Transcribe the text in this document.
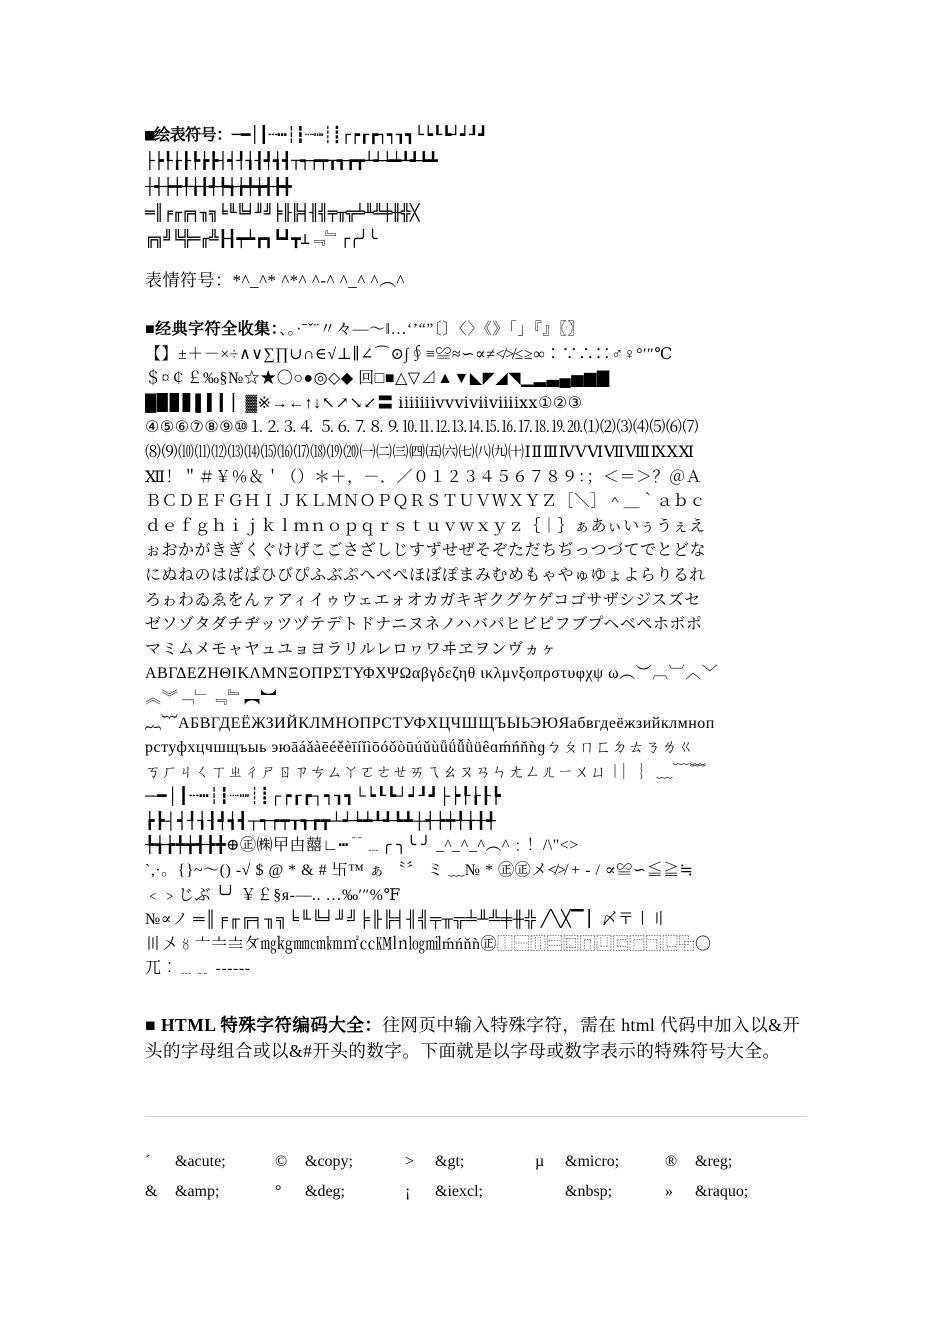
■绘表符号：─━│┃┄┅┆┇┈┉┊┋┌┍┎┏┐┑┒┓└┕┖┗┘┙┚┛
├┝┞┟┠┡┢┣┤┥┦┧┨┩┪┫┬┭┮┯┰┱┲┳┴┵┶┷┸┹┺┻
┼┽┾┿╀╁╂╃╄╅╆╇╈╉╊╋
═║╒╓╔╕╖╗╘╙╚╛╜╝╞╟╠╡╢╣╤╥╦╧╨╩╪╫╬╳
╔╗╝╚╬═╓╩┠┨┯┷┏┓┗┛┳⊥﹃﹄┌╭╯╰
表情符号：*^_^* ^*^ ^-^ ^_^ ^︵^
■经典字符全收集：、。·ˉˇ¨〃々—～‖…‘’“”〔〕〈〉《》「」『』〖〗
【】±＋－×÷∧∨∑∏∪∩∈√⊥∥∠⌒⊙∫∮≡≌≈∽∝≠≮≯≤≥∞∶∵∴∷♂♀°′″℃
＄¤￠￡‰§№☆★〇○●◎◇◆ 回□■△▽⊿▲▼◣◤◢◥▁▂▃▄▅▆▇
█▉▊▋▌▍▎▏▓※→←↑↓↖↗↘↙〓 ⅰⅱⅲⅳⅴⅵⅶⅷⅸⅹ①②③
④⑤⑥⑦⑧⑨⑩⒈⒉⒊⒋ ⒌⒍⒎⒏⒐⒑⒒⒓⒔⒕⒖⒗⒘⒙⒚⒛⑴⑵⑶⑷⑸⑹⑺
⑻⑼⑽⑾⑿⒀⒁⒂⒃⒄⒅⒆⒇㈠㈡㈢㈣㈤㈥㈦㈧㈨㈩ⅠⅡⅢⅣⅤⅥⅦⅧⅨⅩⅪ
Ⅻ！＂＃￥％＆＇（）＊＋，－．／０１２３４５６７８９：；＜＝＞？＠Ａ
ＢＣＤＥＦＧＨＩＪＫＬＭＮＯＰＱＲＳＴＵＶＷＸＹＺ［＼］＾＿｀ａｂｃ
ｄｅｆｇｈｉｊｋｌｍｎｏｐｑｒｓｔｕｖｗｘｙｚ｛｜｝ぁあぃいぅうぇえ
ぉおかがきぎくぐけげこごさざしじすずせぜそぞただちぢっつづてでとどな
にぬねのはばぱひびぴふぶぷへべぺほぼぽまみむめもゃやゅゆょよらりるれ
ろゎわゐゑをんァアィイゥウェエォオカガキギクグケゲコゴサザシジスズセ
ゼソゾタダチヂッツヅテデトドナニヌネノハバパヒビピフブプヘベペホボポ
マミムメモャヤュユョヨラリルレロヮワヰヱヲンヴヵヶ
ΑΒΓΔΕΖΗΘΙΚΛΜΝΞΟΠΡΣΤΥΦΧΨΩαβγδεζηθ ικλμνξοπρστυφχψ ω︵︶︹︺︿﹀
︽︾﹁﹂﹃﹄︻︼
︷︸АБВГДЕЁЖЗИЙКЛМНОПРСТУФХЦЧШЩЪЫЬЭЮЯабвгдеёжзийклмноп
рстуфхцчшщъыь эюāáǎàēéěèīíǐìōóǒòūúǔùǖǘǚǜüêɑḿńňǹɡㄅㄆㄇㄈㄉㄊㄋㄌㄍ
ㄎㄏㄐㄑㄒㄓㄔㄕㄖㄗㄘㄙㄚㄛㄜㄝㄞㄟㄠㄡㄢㄣㄤㄥㄦㄧㄨㄩ︱︳︴﹏﹋﹌
─━│┃┄┅┆┇┈┉┊┋┌┍┎┏┐┑┒┓└┕┖┗┘┙┚┛├┝┞┟┠┡
┢┣┤┥┦┧┨┩┪┫┬┭┮┯┰┱┲┳┴┵┶┷┸┹┺┻┼┽┾┿╀╁╂╃
╄╅╆╇╈╉╊╋⊕㊣㈱曱甴囍∟┅﹊﹍╭ ╮╰ ╯ _^_^_^︵^﹕！/\"<>
`,·。{}~～() -√ $ @ * & # 卐™ ぁ 〝〞 ミ ﹏№ * ㊣㊣メ≮≯ + - / ∝≌∽≦≧≒
﹤﹥じぶ ╰╯ ￥￡§я-—.. …‰′″%℉
№∝ノ ═║╒╓╔╕╖╗╘╙╚╛╜╝╞╟╠╡╢╣╤╥╦╧╨╩╪╫╬ ╱╲╳▔ ▏〆〒〡〢
〣〤〥〦〧〨〩㎎㎏㎜㎝㎞㎡㏄㏎㏑㏒㏕ḿńňǹ㊣⿰⿱⿲⿳⿴⿵⿶⿷⿸⿹⿺⿻〇
兀︰﹍﹎ ------
■ HTML 特殊字符编码大全：往网页中输入特殊字符，需在 html 代码中加入以&开头的字母组合或以&#开头的数字。下面就是以字母或数字表示的特殊符号大全。
´	&acute;	©	&copy;	>	&gt;	µ	&micro;	®	&reg;
&	&amp;	°	&deg;	¡	&iexcl;		&nbsp;	»	&raquo;
